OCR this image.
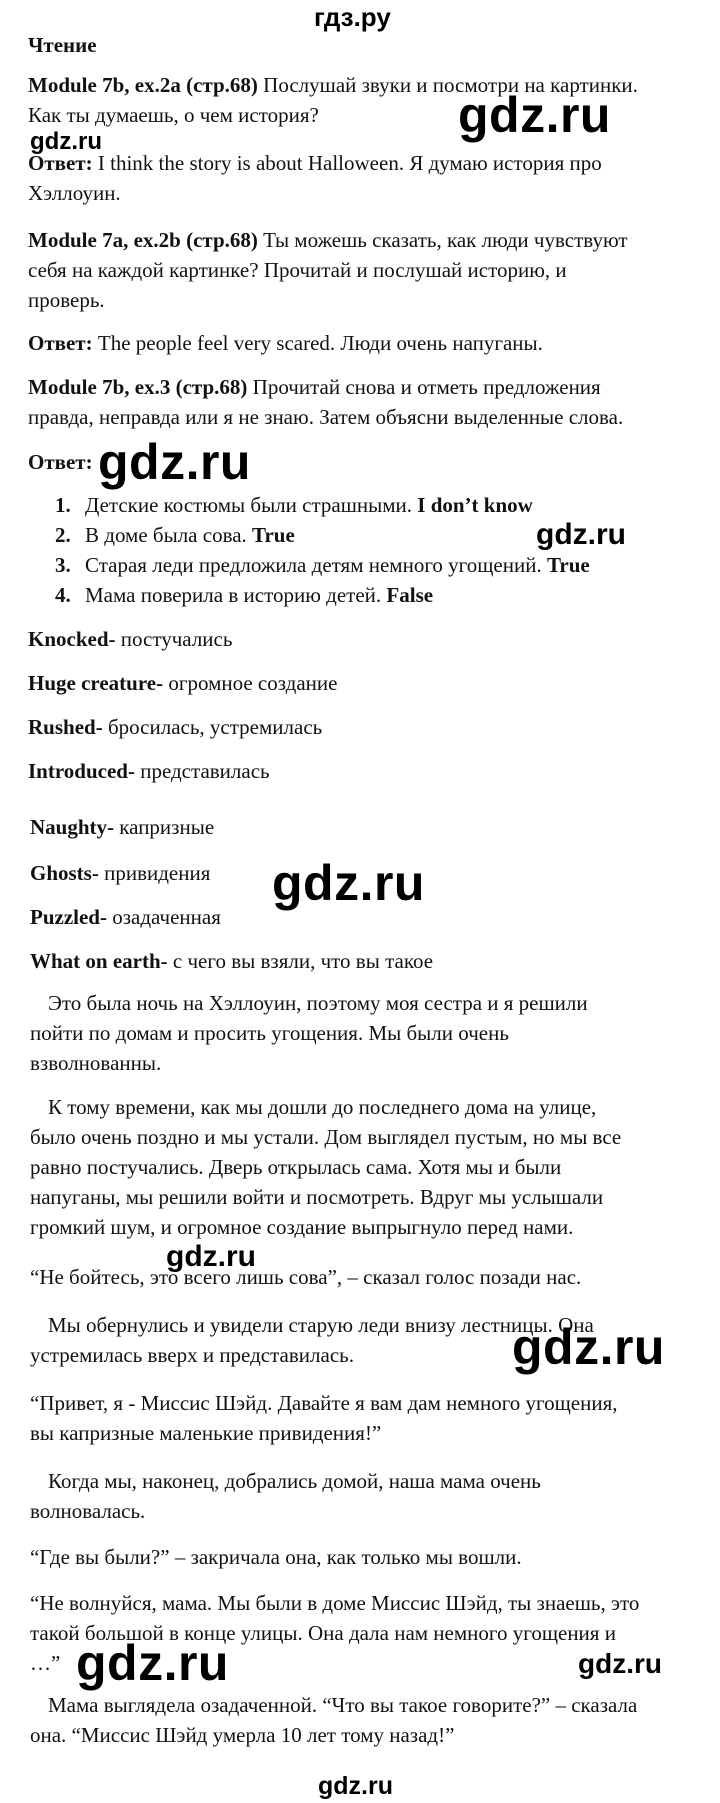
гдз.ру
Чтение
Module 7b, ex.2a (стр.68) Послушай звуки и посмотри на картинки.
Как ты думаешь, о чем история?	gdz.ru
gdz.ru
Ответ: I think the story is about Halloween. Я думаю история про
Хэллоуин.
Module 7a, ex.2b (стр.68) Ты можешь сказать, как люди чувствуют
себя на каждой картинке? Прочитай и послушай историю, и
проверь.
Ответ: The people feel very scared. Люди очень напуганы.
Module 7b, ex.3 (стр.68) Прочитай снова и отметь предложения
правда, неправда или я не знаю. Затем объясни выделенные слова.
Ответ: gdz.ru
1. Детские костюмы были страшными. I don’t know
2. В доме была сова. True	gdz.ru
3. Старая леди предложила детям немного угощений. True
4. Мама поверила в историю детей. False
Knocked- постучались
Huge creature- огромное создание
Rushed- бросилась, устремилась
Introduced- представилась
Naughty- капризные
Ghosts- привидения gdz.ru
Puzzled- озадаченная
What on earth- с чего вы взяли, что вы такое
Это была ночь на Хэллоуин, поэтому моя сестра и я решили
пойти по домам и просить угощения. Мы были очень
взволнованны.
К тому времени, как мы дошли до последнего дома на улице,
было очень поздно и мы устали. Дом выглядел пустым, но мы все
равно постучались. Дверь открылась сама. Хотя мы и были
напуганы, мы решили войти и посмотреть. Вдруг мы услышали
громкий шум, и огромное создание выпрыгнуло перед нами.
gdz.ru
“Не бойтесь, это всего лишь сова”, – сказал голос позади нас.
Мы обернулись и увидели старую леди внизу лестницы. Она
устремилась вверх и представилась.	gdz.ru
“Привет, я - Миссис Шэйд. Давайте я вам дам немного угощения,
вы капризные маленькие привидения!”
Когда мы, наконец, добрались домой, наша мама очень
волновалась.
“Где вы были?” – закричала она, как только мы вошли.
“Не волнуйся, мама. Мы были в доме Миссис Шэйд, ты знаешь, это
такой большой в конце улицы. Она дала нам немного угощения и
…” gdz.ru	gdz.ru
Мама выглядела озадаченной. “Что вы такое говорите?” – сказала
она. “Миссис Шэйд умерла 10 лет тому назад!”
gdz.ru
